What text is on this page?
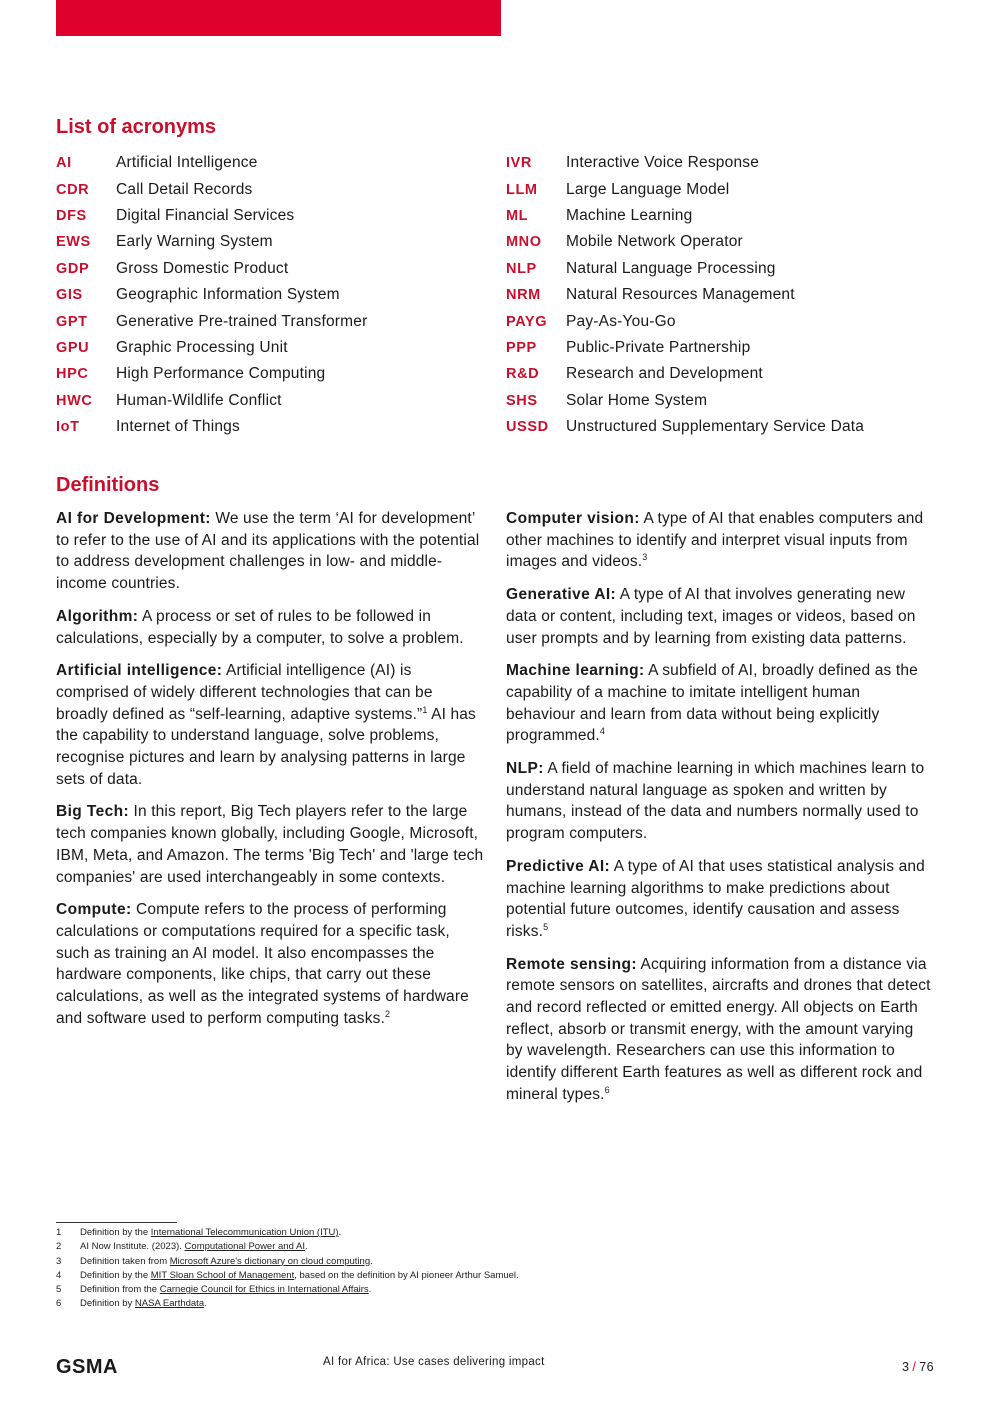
List of acronyms
AI	Artificial Intelligence
CDR	Call Detail Records
DFS	Digital Financial Services
EWS	Early Warning System
GDP	Gross Domestic Product
GIS	Geographic Information System
GPT	Generative Pre-trained Transformer
GPU	Graphic Processing Unit
HPC	High Performance Computing
HWC	Human-Wildlife Conflict
IoT	Internet of Things
IVR	Interactive Voice Response
LLM	Large Language Model
ML	Machine Learning
MNO	Mobile Network Operator
NLP	Natural Language Processing
NRM	Natural Resources Management
PAYG	Pay-As-You-Go
PPP	Public-Private Partnership
R&D	Research and Development
SHS	Solar Home System
USSD	Unstructured Supplementary Service Data
Definitions

AI for Development: We use the term ‘AI for development’ to refer to the use of AI and its applications with the potential to address development challenges in low- and middle-income countries.

Algorithm: A process or set of rules to be followed in calculations, especially by a computer, to solve a problem.

Artificial intelligence: Artificial intelligence (AI) is comprised of widely different technologies that can be broadly defined as “self-learning, adaptive systems.”$^1$ AI has the capability to understand language, solve problems, recognise pictures and learn by analysing patterns in large sets of data.

Big Tech: In this report, Big Tech players refer to the large tech companies known globally, including Google, Microsoft, IBM, Meta, and Amazon. The terms 'Big Tech' and 'large tech companies' are used interchangeably in some contexts.

Compute: Compute refers to the process of performing calculations or computations required for a specific task, such as training an AI model. It also encompasses the hardware components, like chips, that carry out these calculations, as well as the integrated systems of hardware and software used to perform computing tasks.$^2$

Computer vision: A type of AI that enables computers and other machines to identify and interpret visual inputs from images and videos.$^3$

Generative AI: A type of AI that involves generating new data or content, including text, images or videos, based on user prompts and by learning from existing data patterns.

Machine learning: A subfield of AI, broadly defined as the capability of a machine to imitate intelligent human behaviour and learn from data without being explicitly programmed.$^4$

NLP: A field of machine learning in which machines learn to understand natural language as spoken and written by humans, instead of the data and numbers normally used to program computers.

Predictive AI: A type of AI that uses statistical analysis and machine learning algorithms to make predictions about potential future outcomes, identify causation and assess risks.$^5$

Remote sensing: Acquiring information from a distance via remote sensors on satellites, aircrafts and drones that detect and record reflected or emitted energy. All objects on Earth reflect, absorb or transmit energy, with the amount varying by wavelength. Researchers can use this information to identify different Earth features as well as different rock and mineral types.$^6$

1	Definition by the International Telecommunication Union (ITU).
2	AI Now Institute. (2023). Computational Power and AI.
3	Definition taken from Microsoft Azure's dictionary on cloud computing.
4	Definition by the MIT Sloan School of Management, based on the definition by AI pioneer Arthur Samuel.
5	Definition from the Carnegie Council for Ethics in International Affairs.
6	Definition by NASA Earthdata.
GSMA	AI for Africa: Use cases delivering impact	3 / 76
